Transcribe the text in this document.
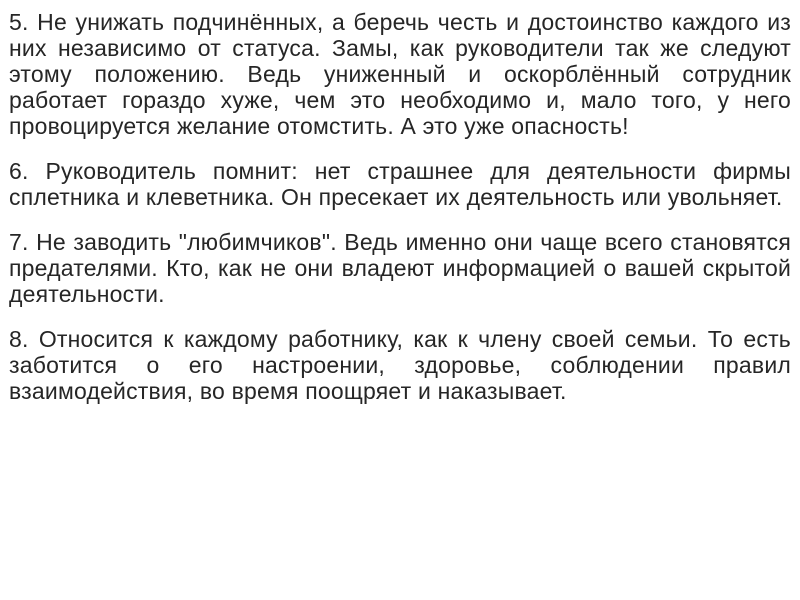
5. Не унижать подчинённых, а беречь честь и достоинство каждого из них независимо от статуса. Замы, как руководители так же следуют этому положению. Ведь униженный и оскорблённый сотрудник работает гораздо хуже, чем это необходимо и, мало того, у него провоцируется желание отомстить. А это уже опасность!

6. Руководитель помнит: нет страшнее для деятельности фирмы сплетника и клеветника. Он пресекает их деятельность или увольняет.

7. Не заводить "любимчиков". Ведь именно они чаще всего становятся предателями. Кто, как не они владеют информацией о вашей скрытой деятельности.

8. Относится к каждому работнику, как к члену своей семьи. То есть заботится о его настроении, здоровье, соблюдении правил взаимодействия, во время поощряет и наказывает.
